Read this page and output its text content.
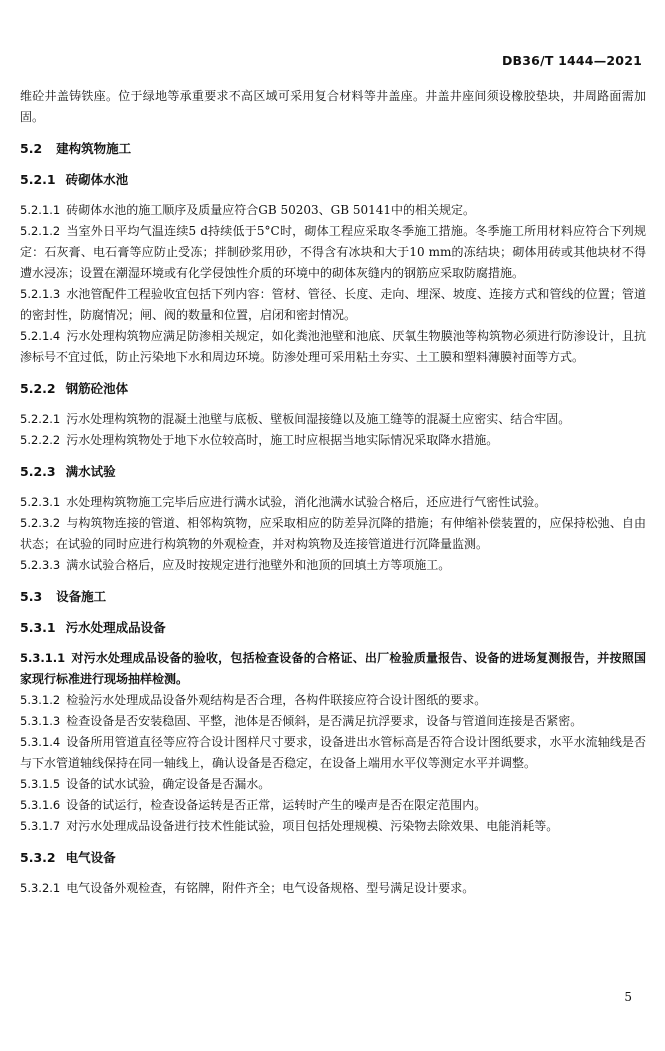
DB36/T 1444—2021
维砼井盖铸铁座。位于绿地等承重要求不高区域可采用复合材料等井盖座。井盖井座间须设橡胶垫块，井周路面需加固。
5.2 建构筑物施工
5.2.1 砖砌体水池
5.2.1.1 砖砌体水池的施工顺序及质量应符合GB 50203、GB 50141中的相关规定。
5.2.1.2 当室外日平均气温连续5 d持续低于5°C时，砌体工程应采取冬季施工措施。冬季施工所用材料应符合下列规定：石灰膏、电石膏等应防止受冻；拌制砂浆用砂，不得含有冰块和大于10 mm的冻结块；砌体用砖或其他块材不得遭水浸冻；设置在潮湿环境或有化学侵蚀性介质的环境中的砌体灰缝内的钢筋应采取防腐措施。
5.2.1.3 水池管配件工程验收宜包括下列内容：管材、管径、长度、走向、埋深、坡度、连接方式和管线的位置；管道的密封性，防腐情况；闸、阀的数量和位置，启闭和密封情况。
5.2.1.4 污水处理构筑物应满足防渗相关规定，如化粪池池壁和池底、厌氧生物膜池等构筑物必须进行防渗设计，且抗渗标号不宜过低，防止污染地下水和周边环境。防渗处理可采用粘土夯实、土工膜和塑料薄膜衬面等方式。
5.2.2 钢筋砼池体
5.2.2.1 污水处理构筑物的混凝土池壁与底板、壁板间湿接缝以及施工缝等的混凝土应密实、结合牢固。
5.2.2.2 污水处理构筑物处于地下水位较高时，施工时应根据当地实际情况采取降水措施。
5.2.3 满水试验
5.2.3.1 水处理构筑物施工完毕后应进行满水试验，消化池满水试验合格后，还应进行气密性试验。
5.2.3.2 与构筑物连接的管道、相邻构筑物，应采取相应的防差异沉降的措施；有伸缩补偿装置的，应保持松弛、自由状态；在试验的同时应进行构筑物的外观检查，并对构筑物及连接管道进行沉降量监测。
5.2.3.3 满水试验合格后，应及时按规定进行池壁外和池顶的回填土方等项施工。
5.3 设备施工
5.3.1 污水处理成品设备
5.3.1.1 对污水处理成品设备的验收，包括检查设备的合格证、出厂检验质量报告、设备的进场复测报告，并按照国家现行标准进行现场抽样检测。
5.3.1.2 检验污水处理成品设备外观结构是否合理，各构件联接应符合设计图纸的要求。
5.3.1.3 检查设备是否安装稳固、平整，池体是否倾斜，是否满足抗浮要求，设备与管道间连接是否紧密。
5.3.1.4 设备所用管道直径等应符合设计图样尺寸要求，设备进出水管标高是否符合设计图纸要求，水平水流轴线是否与下水管道轴线保持在同一轴线上，确认设备是否稳定，在设备上端用水平仪等测定水平并调整。
5.3.1.5 设备的试水试验，确定设备是否漏水。
5.3.1.6 设备的试运行，检查设备运转是否正常，运转时产生的噪声是否在限定范围内。
5.3.1.7 对污水处理成品设备进行技术性能试验，项目包括处理规模、污染物去除效果、电能消耗等。
5.3.2 电气设备
5.3.2.1 电气设备外观检查，有铭牌，附件齐全；电气设备规格、型号满足设计要求。
5
